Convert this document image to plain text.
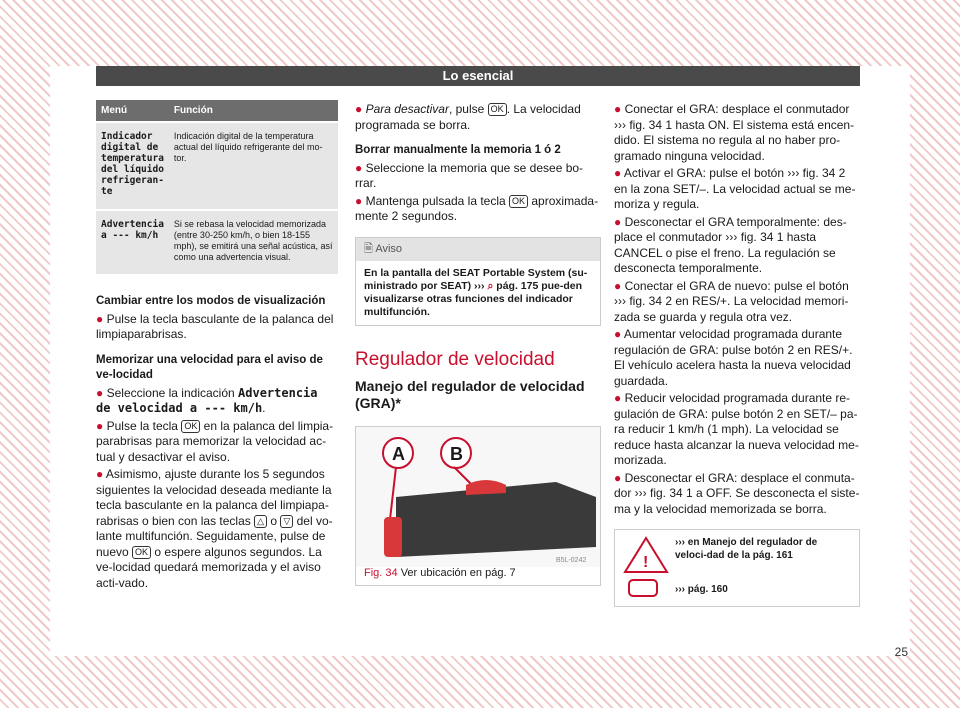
Lo esencial
Menú	Función
Indicador digital de temperatura del líquido refrigeran-te	Indicación digital de la temperatura actual del líquido refrigerante del mo-tor.
Advertencia a --- km/h	Si se rebasa la velocidad memorizada (entre 30-250 km/h, o bien 18-155 mph), se emitirá una señal acústica, así como una advertencia visual.
Cambiar entre los modos de visualización

● Pulse la tecla basculante de la palanca del limpiaparabrisas.

Memorizar una velocidad para el aviso de ve-locidad

● Seleccione la indicación Advertencia de velocidad a --- km/h.

● Pulse la tecla OK en la palanca del limpia-parabrisas para memorizar la velocidad ac-tual y desactivar el aviso.

● Asimismo, ajuste durante los 5 segundos siguientes la velocidad deseada mediante la tecla basculante en la palanca del limpiapa-rabrisas o bien con las teclas △ o ▽ del vo-lante multifunción. Seguidamente, pulse de nuevo OK o espere algunos segundos. La ve-locidad quedará memorizada y el aviso acti-vado.

● Para desactivar, pulse OK . La velocidad programada se borra.

Borrar manualmente la memoria 1 ó 2

● Seleccione la memoria que se desee bo-rrar.

● Mantenga pulsada la tecla OK aproximada-mente 2 segundos.

🗎 Aviso
En la pantalla del SEAT Portable System (su-ministrado por SEAT) ››› ⌕ pág. 175 pue-den visualizarse otras funciones del indicador multifunción.
Regulador de velocidad
Manejo del regulador de velocidad (GRA)*
A	B
B5L-0242
Fig. 34 Ver ubicación en pág. 7

● Conectar el GRA: desplace el conmutador ››› fig. 34 1 hasta ON. El sistema está encen-dido. El sistema no regula al no haber pro-gramado ninguna velocidad.

● Activar el GRA: pulse el botón ››› fig. 34 2 en la zona SET/–. La velocidad actual se me-moriza y regula.

● Desconectar el GRA temporalmente: des-place el conmutador ››› fig. 34 1 hasta CANCEL o pise el freno. La regulación se desconecta temporalmente.

● Conectar el GRA de nuevo: pulse el botón ››› fig. 34 2 en RES/+. La velocidad memori-zada se guarda y regula otra vez.

● Aumentar velocidad programada durante regulación de GRA: pulse botón 2 en RES/+. El vehículo acelera hasta la nueva velocidad guardada.

● Reducir velocidad programada durante re-gulación de GRA: pulse botón 2 en SET/– pa-ra reducir 1 km/h (1 mph). La velocidad se reduce hasta alcanzar la nueva velocidad me-morizada.

● Desconectar el GRA: desplace el conmuta-dor ››› fig. 34 1 a OFF. Se desconecta el siste-ma y la velocidad memorizada se borra.

!
››› en Manejo del regulador de veloci-dad de la pág. 161
››› pág. 160
25
